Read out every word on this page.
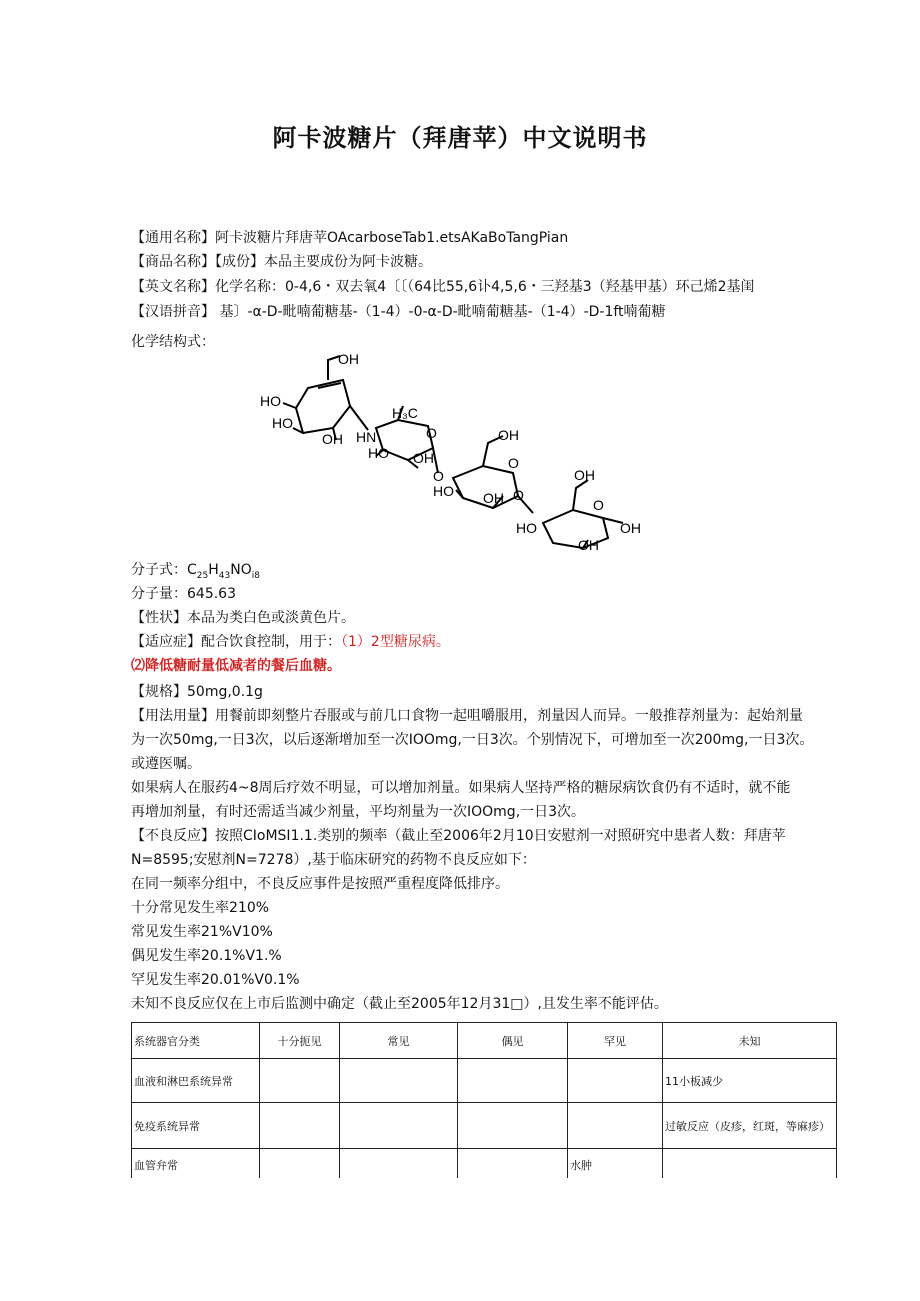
阿卡波糖片（拜唐苹）中文说明书
【通用名称】阿卡波糖片拜唐苹OAcarboseTab1.etsAKaBoTangPian
【商品名称】【成份】本品主要成份为阿卡波糖。
【英文名称】化学名称：0-4,6・双去氧4〔〔（64比55,6讣4,5,6・三羟基3（羟基甲基）环己烯2基闺
【汉语拼音】 基〕-α-D-毗喃葡糖基-（1-4）-0-α-D-毗喃葡糖基-（1-4）-D-1ft喃葡糖
化学结构式：
OH
HO
HO
OH HN
H₃C
O
HO OH
O
OH
O
HO OH O
OH
O
HO
OH
OH
分子式：$C_{25}H_{43}NO_{i8}$
分子量：645.63
【性状】本品为类白色或淡黄色片。
【适应症】配合饮食控制，用于：（1）2型糖尿病。
⑵降低糖耐量低减者的餐后血糖。
【规格】50mg,0.1g
【用法用量】用餐前即刻整片吞服或与前几口食物一起咀嚼服用，剂量因人而异。一般推荐剂量为：起始剂量
为一次50mg,一日3次，以后逐渐增加至一次IOOmg,一日3次。个别情况下，可增加至一次200mg,一日3次。
或遵医嘱。
如果病人在服药4~8周后疗效不明显，可以增加剂量。如果病人坚持严格的糖尿病饮食仍有不适时，就不能
再增加剂量，有时还需适当减少剂量，平均剂量为一次IOOmg,一日3次。
【不良反应】按照CIoMSI1.1.类别的频率（截止至2006年2月10日安慰剂一对照研究中患者人数：拜唐苹
N=8595;安慰剂N=7278）,基于临床研究的药物不良反应如下：
在同一频率分组中，不良反应事件是按照严重程度降低排序。
十分常见发生率210%
常见发生率21%V10%
偶见发生率20.1%V1.%
罕见发生率20.01%V0.1%
未知不良反应仅在上市后监测中确定（截止至2005年12月31□）,且发生率不能评估。
系统器官分类	十分扼见	常见	偶见	罕见	未知
血液和淋巴系统异常					11小板减少
免疫系统异常					过敏反应（皮疹，红斑，等麻疹）
血管弁常				水肿	
